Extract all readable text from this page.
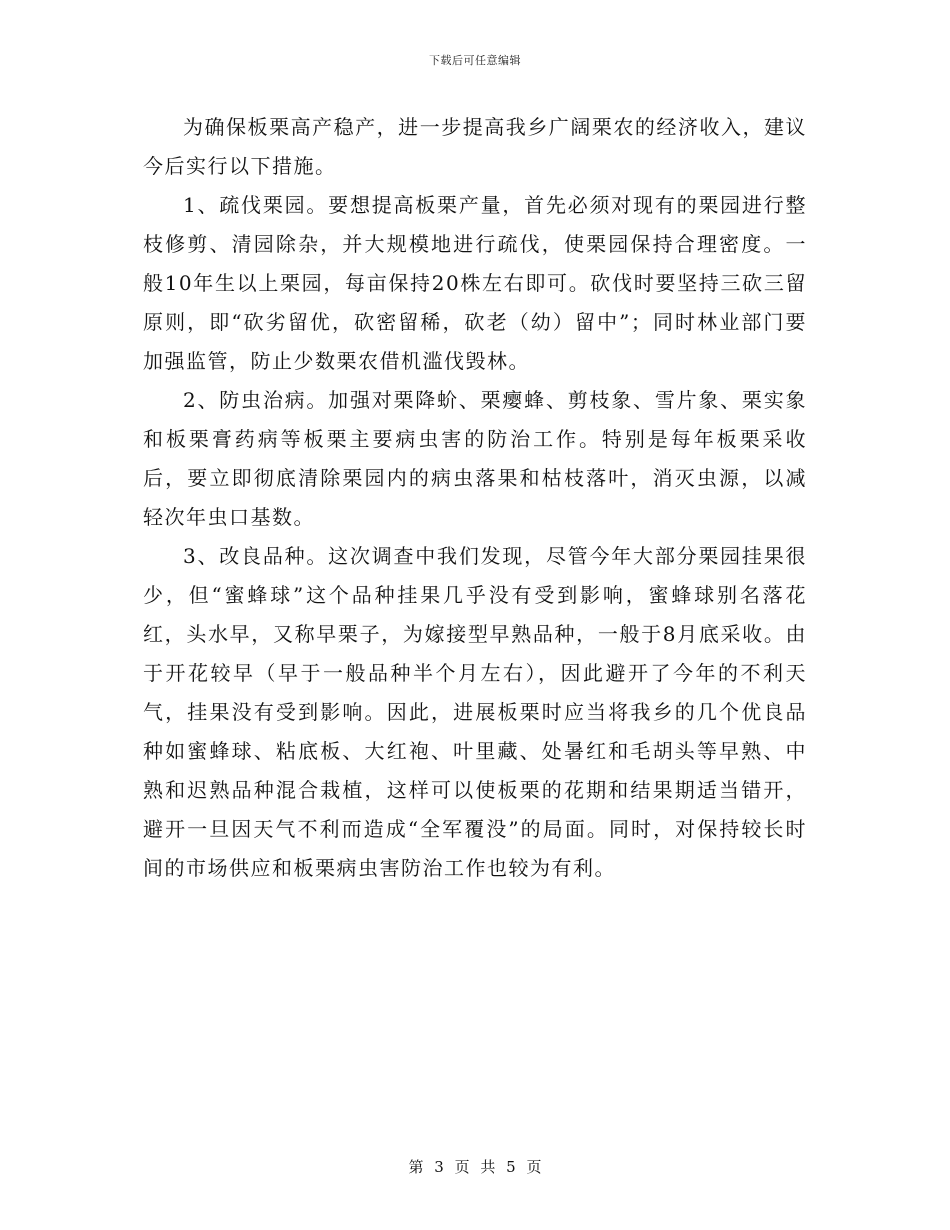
下载后可任意编辑

为确保板栗高产稳产，进一步提高我乡广阔栗农的经济收入，建议今后实行以下措施。

1、疏伐栗园。要想提高板栗产量，首先必须对现有的栗园进行整枝修剪、清园除杂，并大规模地进行疏伐，使栗园保持合理密度。一般10年生以上栗园，每亩保持20株左右即可。砍伐时要坚持三砍三留原则，即“砍劣留优，砍密留稀，砍老（幼）留中”；同时林业部门要加强监管，防止少数栗农借机滥伐毁林。

2、防虫治病。加强对栗降蚧、栗瘿蜂、剪枝象、雪片象、栗实象和板栗膏药病等板栗主要病虫害的防治工作。特别是每年板栗采收后，要立即彻底清除栗园内的病虫落果和枯枝落叶，消灭虫源，以减轻次年虫口基数。

3、改良品种。这次调查中我们发现，尽管今年大部分栗园挂果很少，但“蜜蜂球”这个品种挂果几乎没有受到影响，蜜蜂球别名落花红，头水早，又称早栗子，为嫁接型早熟品种，一般于8月底采收。由于开花较早（早于一般品种半个月左右），因此避开了今年的不利天气，挂果没有受到影响。因此，进展板栗时应当将我乡的几个优良品种如蜜蜂球、粘底板、大红袍、叶里藏、处暑红和毛胡头等早熟、中熟和迟熟品种混合栽植，这样可以使板栗的花期和结果期适当错开，避开一旦因天气不利而造成“全军覆没”的局面。同时，对保持较长时间的市场供应和板栗病虫害防治工作也较为有利。

第 3 页 共 5 页
